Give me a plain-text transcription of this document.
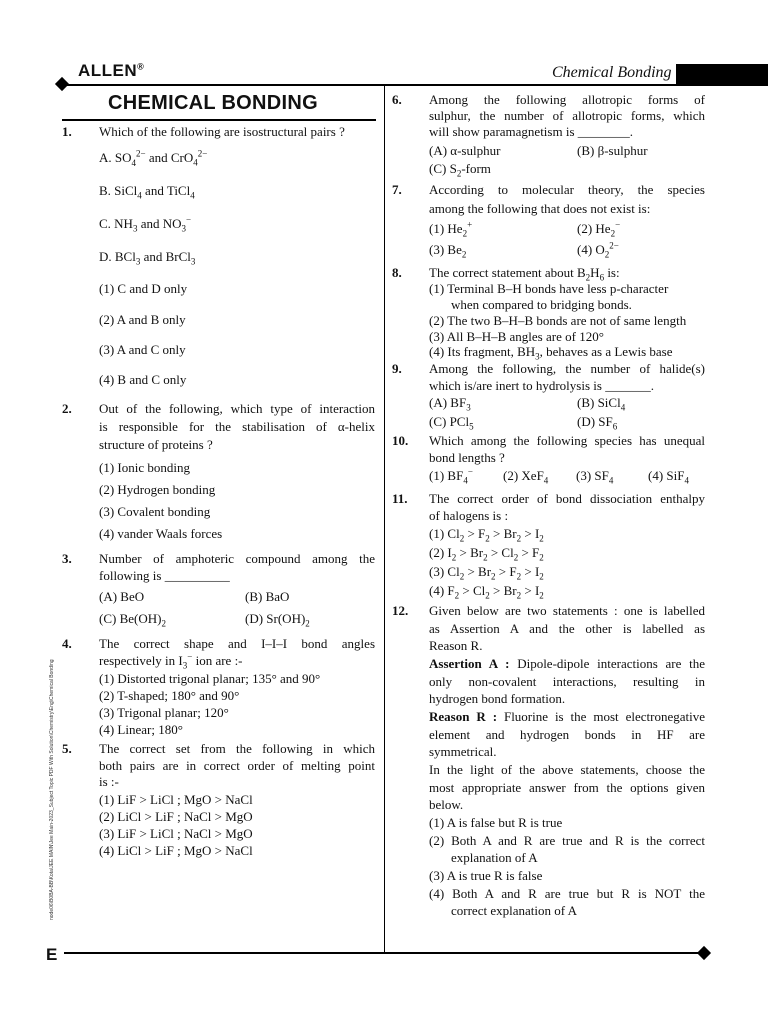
ALLEN®	Chemical Bonding
CHEMICAL BONDING
node06\B0BA-BB\Kota\JEE MAIN\Jee Main-2023_Subject Topic PDF With Solution\Chemistry\Eng\Chemical Bonding
1. Which of the following are isostructural pairs ?
A. $SO_4^{2-}$ and CrO$_4^{2-}$
B. SiCl$_4$ and TiCl$_4$
C. $NH_3$ and $NO_3^-$
D. BCl$_3$ and BrCl$_3$
(1) C and D only
(2) A and B only
(3) A and C only
(4) B and C only
2. Out of the following, which type of interaction
is responsible for the stabilisation of α-helix
structure of proteins ?
(1) Ionic bonding
(2) Hydrogen bonding
(3) Covalent bonding
(4) vander Waals forces
3. Number of amphoteric compound among the
following is __________
(A) BeO	(B) BaO
(C) $Be(OH)_2$	(D) $Sr(OH)_2$
4. The correct shape and I–I–I bond angles
respectively in $I_3^-$ ion are :-
(1) Distorted trigonal planar; 135° and 90°
(2) T-shaped; 180° and 90°
(3) Trigonal planar; 120°
(4) Linear; 180°
5. The correct set from the following in which
both pairs are in correct order of melting point
is :-
(1) LiF > LiCl ; MgO > NaCl
(2) LiCl > LiF ; NaCl > MgO
(3) LiF > LiCl ; NaCl > MgO
(4) LiCl > LiF ; MgO > NaCl
6. Among the following allotropic forms of
sulphur, the number of allotropic forms, which
will show paramagnetism is ________.
(A) α-sulphur	(B) β-sulphur
(C) $S_2$-form
7. According to molecular theory, the species
among the following that does not exist is:
(1) $He_2^+$	(2) $He_2^-$
(3) $Be_2$	(4) $O_2^{2-}$
8. The correct statement about $B_2H_6$ is:
(1) Terminal B–H bonds have less p-character
when compared to bridging bonds.
(2) The two B–H–B bonds are not of same length
(3) All B–H–B angles are of 120°
(4) Its fragment, $BH_3$, behaves as a Lewis base
9. Among the following, the number of halide(s)
which is/are inert to hydrolysis is _______.
(A) $BF_3$	(B) SiCl$_4$
(C) PCl$_5$	(D) $SF_6$
10. Which among the following species has unequal
bond lengths ?
(1) $BF_4^-$ (2) XeF$_4$ (3) $SF_4$	(4) SiF$_4$
11. The correct order of bond dissociation enthalpy
of halogens is :
(1) $Cl_2 > F_2 > Br_2 > I_2$
(2) $I_2 > Br_2 > Cl_2 > F_2$
(3) $Cl_2 > Br_2 > F_2 > I_2$
(4) $F_2 > Cl_2 > Br_2 > I_2$
12. Given below are two statements : one is labelled
as Assertion A and the other is labelled as
Reason R.
Assertion A : Dipole-dipole interactions are the
only non-covalent interactions, resulting in
hydrogen bond formation.
Reason R : Fluorine is the most electronegative
element and hydrogen bonds in HF are
symmetrical.
In the light of the above statements, choose the
most appropriate answer from the options given
below.
(1) A is false but R is true
(2) Both A and R are true and R is the correct
explanation of A
(3) A is true R is false
(4) Both A and R are true but R is NOT the
correct explanation of A
E
